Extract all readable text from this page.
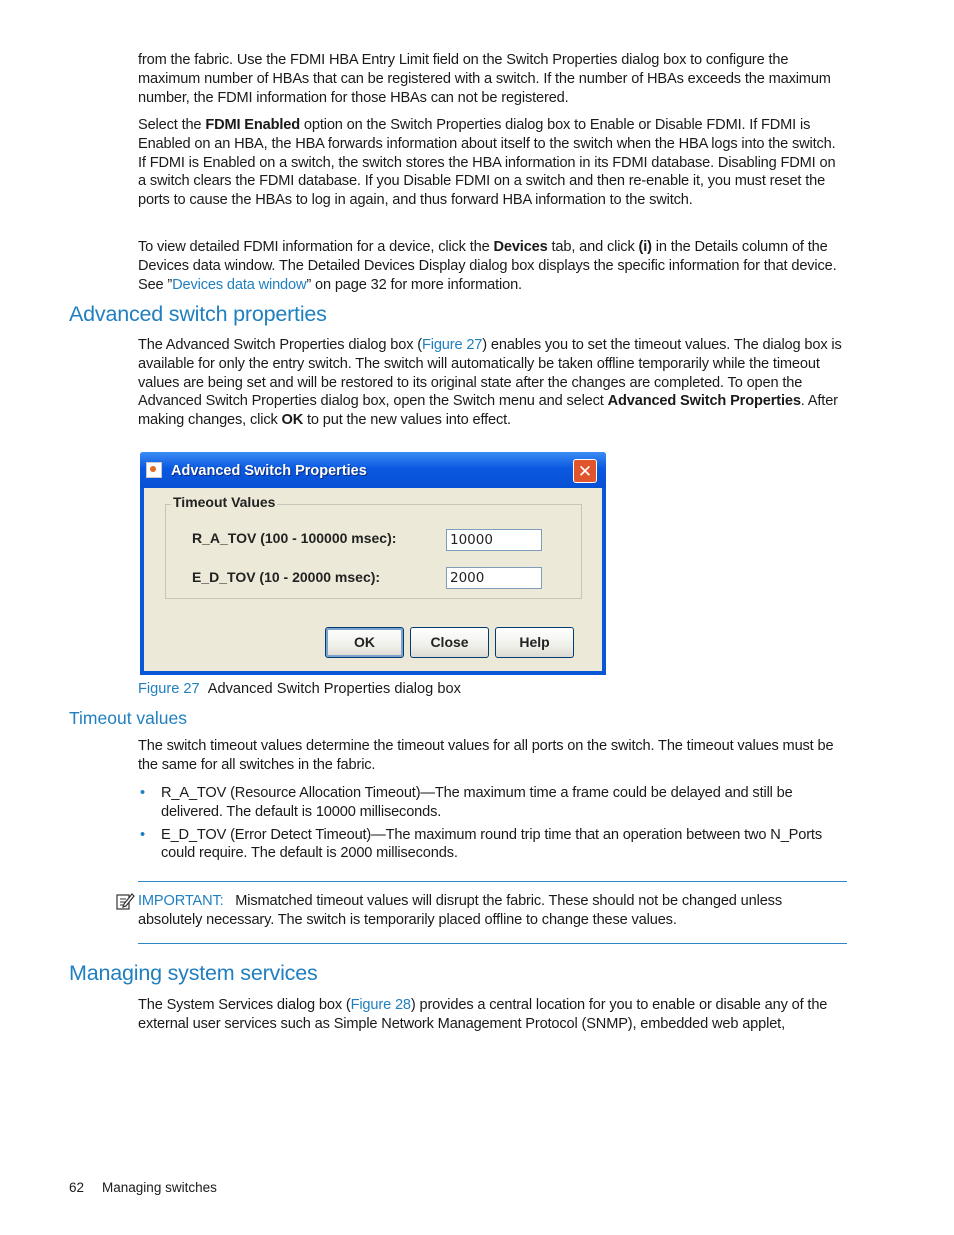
from the fabric. Use the FDMI HBA Entry Limit field on the Switch Properties dialog box to configure the maximum number of HBAs that can be registered with a switch. If the number of HBAs exceeds the maximum number, the FDMI information for those HBAs can not be registered.

Select the FDMI Enabled option on the Switch Properties dialog box to Enable or Disable FDMI. If FDMI is Enabled on an HBA, the HBA forwards information about itself to the switch when the HBA logs into the switch. If FDMI is Enabled on a switch, the switch stores the HBA information in its FDMI database. Disabling FDMI on a switch clears the FDMI database. If you Disable FDMI on a switch and then re-enable it, you must reset the ports to cause the HBAs to log in again, and thus forward HBA information to the switch.

To view detailed FDMI information for a device, click the Devices tab, and click (i) in the Details column of the Devices data window. The Detailed Devices Display dialog box displays the specific information for that device. See ”Devices data window” on page 32 for more information.

Advanced switch properties

The Advanced Switch Properties dialog box (Figure 27) enables you to set the timeout values. The dialog box is available for only the entry switch. The switch will automatically be taken offline temporarily while the timeout values are being set and will be restored to its original state after the changes are completed. To open the Advanced Switch Properties dialog box, open the Switch menu and select Advanced Switch Properties. After making changes, click OK to put the new values into effect.

Advanced Switch Properties	✕
Timeout Values
R_A_TOV (100 - 100000 msec):	10000
E_D_TOV (10 - 20000 msec):	2000
OK	Close	Help
Figure 27 Advanced Switch Properties dialog box
Timeout values

The switch timeout values determine the timeout values for all ports on the switch. The timeout values must be the same for all switches in the fabric.

• R_A_TOV (Resource Allocation Timeout)—The maximum time a frame could be delayed and still be delivered. The default is 10000 milliseconds.
• E_D_TOV (Error Detect Timeout)—The maximum round trip time that an operation between two N_Ports could require. The default is 2000 milliseconds.

IMPORTANT: Mismatched timeout values will disrupt the fabric. These should not be changed unless absolutely necessary. The switch is temporarily placed offline to change these values.

Managing system services

The System Services dialog box (Figure 28) provides a central location for you to enable or disable any of the external user services such as Simple Network Management Protocol (SNMP), embedded web applet,

62 Managing switches
